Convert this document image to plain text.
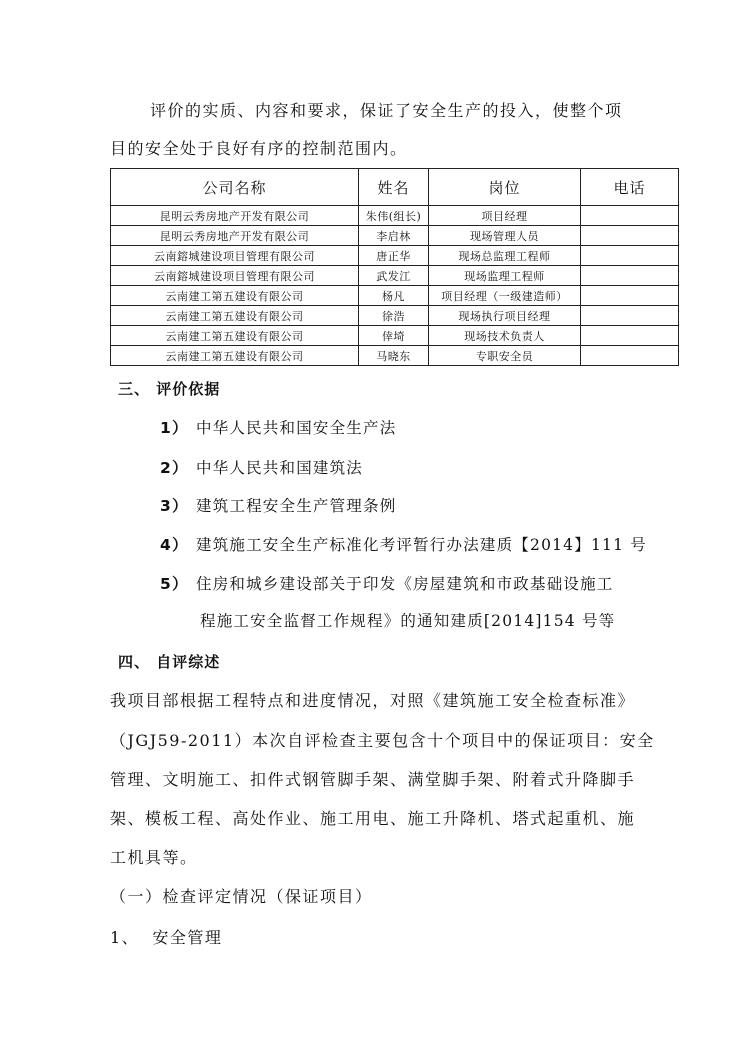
评价的实质、内容和要求，保证了安全生产的投入，使整个项
目的安全处于良好有序的控制范围内。
公司名称	姓名	岗位	电话
昆明云秀房地产开发有限公司	朱伟(组长)	项目经理	
昆明云秀房地产开发有限公司	李启林	现场管理人员	
云南鎔城建设项目管理有限公司	唐正华	现场总监理工程师	
云南鎔城建设项目管理有限公司	武发江	现场监理工程师	
云南建工第五建设有限公司	杨凡	项目经理（一级建造师）	
云南建工第五建设有限公司	徐浩	现场执行项目经理	
云南建工第五建设有限公司	倖埼	现场技术负责人	
云南建工第五建设有限公司	马晓东	专职安全员	
三、 评价依据
1） 中华人民共和国安全生产法
2） 中华人民共和国建筑法
3） 建筑工程安全生产管理条例
4） 建筑施工安全生产标准化考评暂行办法建质【2014】111 号
5） 住房和城乡建设部关于印发《房屋建筑和市政基础设施工
程施工安全监督工作规程》的通知建质[2014]154 号等
四、 自评综述
我项目部根据工程特点和进度情况，对照《建筑施工安全检查标准》
（JGJ59-2011）本次自评检查主要包含十个项目中的保证项目：安全
管理、文明施工、扣件式钢管脚手架、满堂脚手架、附着式升降脚手
架、模板工程、高处作业、施工用电、施工升降机、塔式起重机、施
工机具等。
（一）检查评定情况（保证项目）
1、  安全管理
